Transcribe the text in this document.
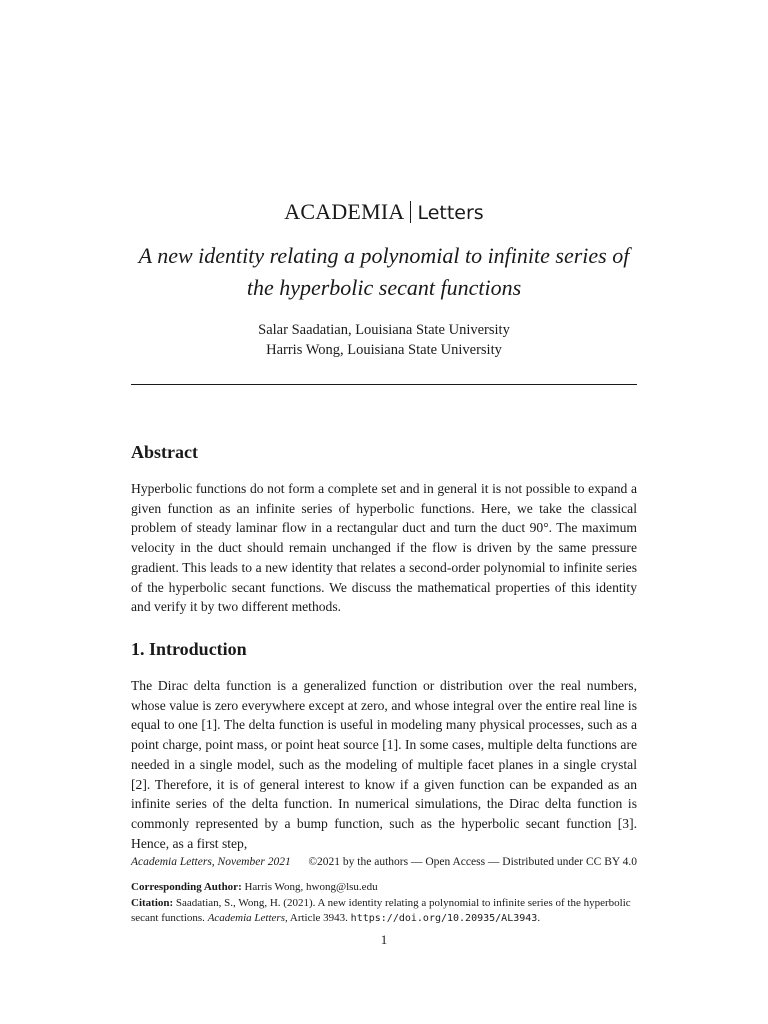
ACADEMIA Letters
A new identity relating a polynomial to infinite series of
the hyperbolic secant functions
Salar Saadatian, Louisiana State University
Harris Wong, Louisiana State University
Abstract
Hyperbolic functions do not form a complete set and in general it is not possible to expand a given function as an infinite series of hyperbolic functions. Here, we take the classical problem of steady laminar flow in a rectangular duct and turn the duct 90°. The maximum velocity in the duct should remain unchanged if the flow is driven by the same pressure gradient. This leads to a new identity that relates a second-order polynomial to infinite series of the hyperbolic secant functions. We discuss the mathematical properties of this identity and verify it by two different methods.
1. Introduction
The Dirac delta function is a generalized function or distribution over the real numbers, whose value is zero everywhere except at zero, and whose integral over the entire real line is equal to one [1]. The delta function is useful in modeling many physical processes, such as a point charge, point mass, or point heat source [1]. In some cases, multiple delta functions are needed in a single model, such as the modeling of multiple facet planes in a single crystal [2]. Therefore, it is of general interest to know if a given function can be expanded as an infinite series of the delta function. In numerical simulations, the Dirac delta function is commonly represented by a bump function, such as the hyperbolic secant function [3]. Hence, as a first step,
Academia Letters, November 2021 ©2021 by the authors — Open Access — Distributed under CC BY 4.0
Corresponding Author: Harris Wong, hwong@lsu.edu
Citation: Saadatian, S., Wong, H. (2021). A new identity relating a polynomial to infinite series of the hyperbolic secant functions. Academia Letters, Article 3943. https://doi.org/10.20935/AL3943.
1
